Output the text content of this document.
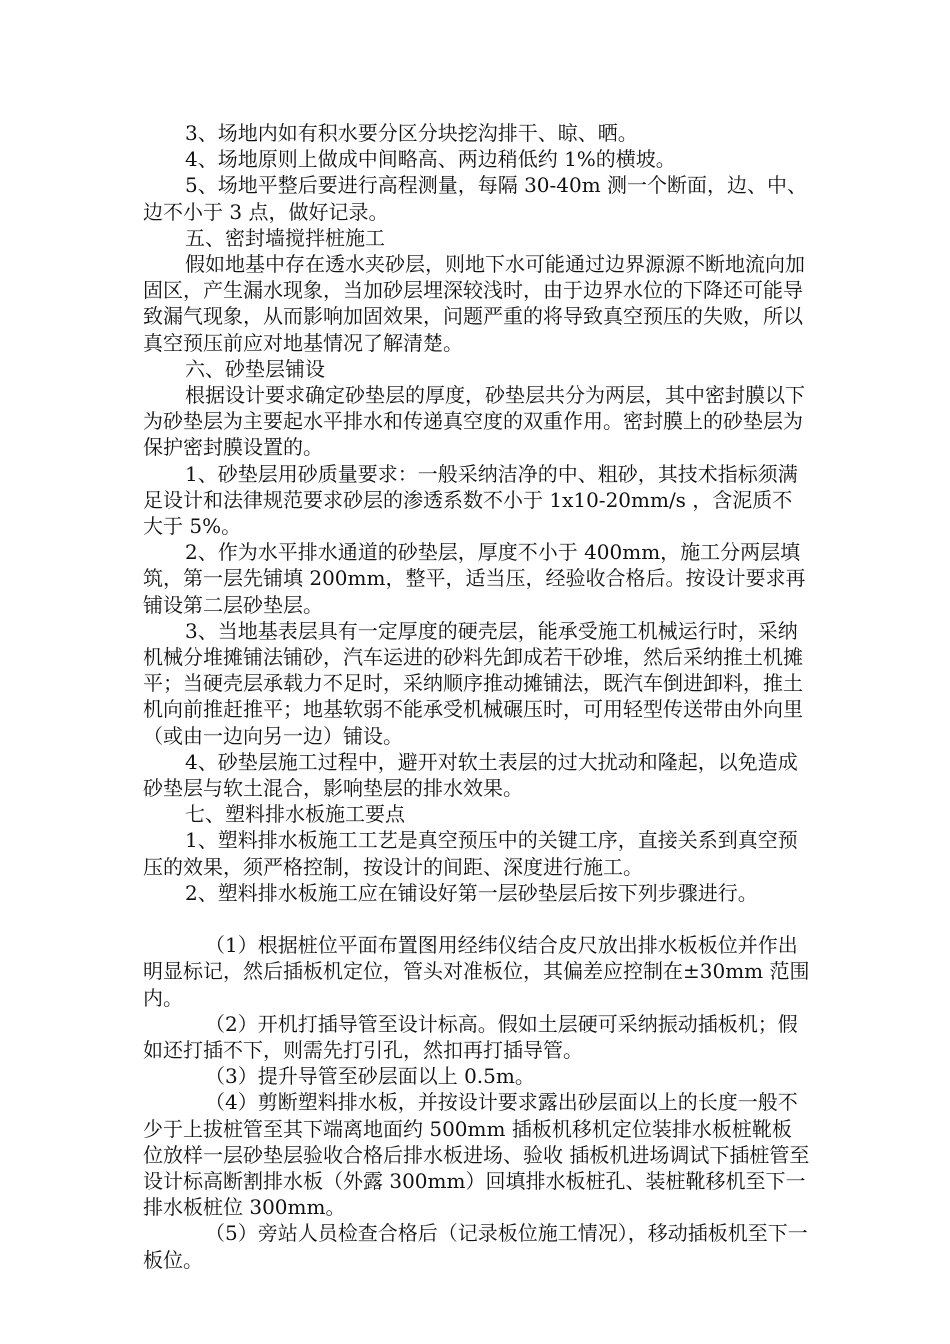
3、场地内如有积水要分区分块挖沟排干、晾、晒。

4、场地原则上做成中间略高、两边稍低约 1%的横坡。

5、场地平整后要进行高程测量，每隔 30-40m 测一个断面，边、中、边不小于 3 点，做好记录。

五、密封墙搅拌桩施工

假如地基中存在透水夹砂层，则地下水可能通过边界源源不断地流向加固区，产生漏水现象，当加砂层埋深较浅时，由于边界水位的下降还可能导致漏气现象，从而影响加固效果，问题严重的将导致真空预压的失败，所以真空预压前应对地基情况了解清楚。

六、砂垫层铺设

根据设计要求确定砂垫层的厚度，砂垫层共分为两层，其中密封膜以下为砂垫层为主要起水平排水和传递真空度的双重作用。密封膜上的砂垫层为保护密封膜设置的。

1、砂垫层用砂质量要求：一般采纳洁净的中、粗砂，其技术指标须满足设计和法律规范要求砂层的渗透系数不小于 1x10-20mm/s ，含泥质不大于 5%。

2、作为水平排水通道的砂垫层，厚度不小于 400mm，施工分两层填筑，第一层先铺填 200mm，整平，适当压，经验收合格后。按设计要求再铺设第二层砂垫层。

3、当地基表层具有一定厚度的硬壳层，能承受施工机械运行时，采纳机械分堆摊铺法铺砂，汽车运进的砂料先卸成若干砂堆，然后采纳推土机摊平；当硬壳层承载力不足时，采纳顺序推动摊铺法，既汽车倒进卸料，推土机向前推赶推平；地基软弱不能承受机械碾压时，可用轻型传送带由外向里（或由一边向另一边）铺设。

4、砂垫层施工过程中，避开对软土表层的过大扰动和隆起，以免造成砂垫层与软土混合，影响垫层的排水效果。

七、塑料排水板施工要点

1、塑料排水板施工工艺是真空预压中的关键工序，直接关系到真空预压的效果，须严格控制，按设计的间距、深度进行施工。

2、塑料排水板施工应在铺设好第一层砂垫层后按下列步骤进行。

（1）根据桩位平面布置图用经纬仪结合皮尺放出排水板板位并作出明显标记，然后插板机定位，管头对准板位，其偏差应控制在±30mm 范围内。

（2）开机打插导管至设计标高。假如土层硬可采纳振动插板机；假如还打插不下，则需先打引孔，然扣再打插导管。

（3）提升导管至砂层面以上 0.5m。

（4）剪断塑料排水板，并按设计要求露出砂层面以上的长度一般不少于上拔桩管至其下端离地面约 500mm 插板机移机定位装排水板桩靴板位放样一层砂垫层验收合格后排水板进场、验收 插板机进场调试下插桩管至设计标高断割排水板（外露 300mm）回填排水板桩孔、装桩靴移机至下一排水板桩位 300mm。

（5）旁站人员检查合格后（记录板位施工情况），移动插板机至下一板位。
